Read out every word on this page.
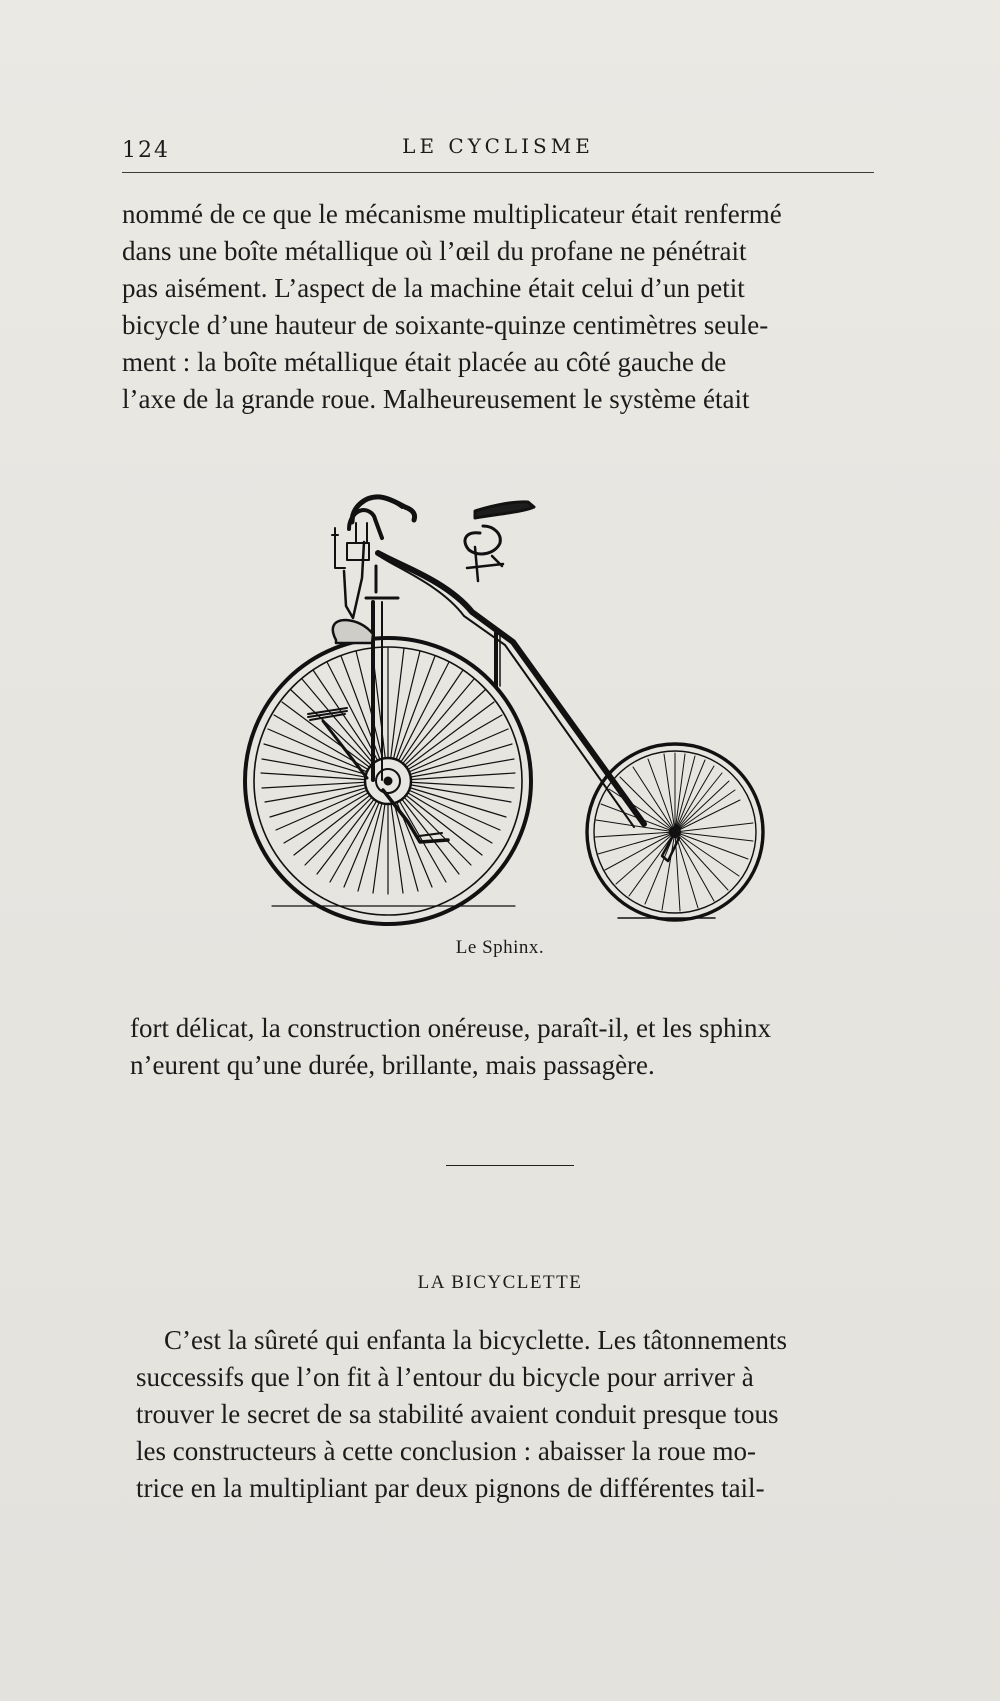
124	LE CYCLISME
nommé de ce que le mécanisme multiplicateur était renfermé
dans une boîte métallique où l’œil du profane ne pénétrait
pas aisément. L’aspect de la machine était celui d’un petit
bicycle d’une hauteur de soixante-quinze centimètres seule-
ment : la boîte métallique était placée au côté gauche de
l’axe de la grande roue. Malheureusement le système était
Le Sphinx.
fort délicat, la construction onéreuse, paraît-il, et les sphinx
n’eurent qu’une durée, brillante, mais passagère.
LA BICYCLETTE
C’est la sûreté qui enfanta la bicyclette. Les tâtonnements
successifs que l’on fit à l’entour du bicycle pour arriver à
trouver le secret de sa stabilité avaient conduit presque tous
les constructeurs à cette conclusion : abaisser la roue mo-
trice en la multipliant par deux pignons de différentes tail-
